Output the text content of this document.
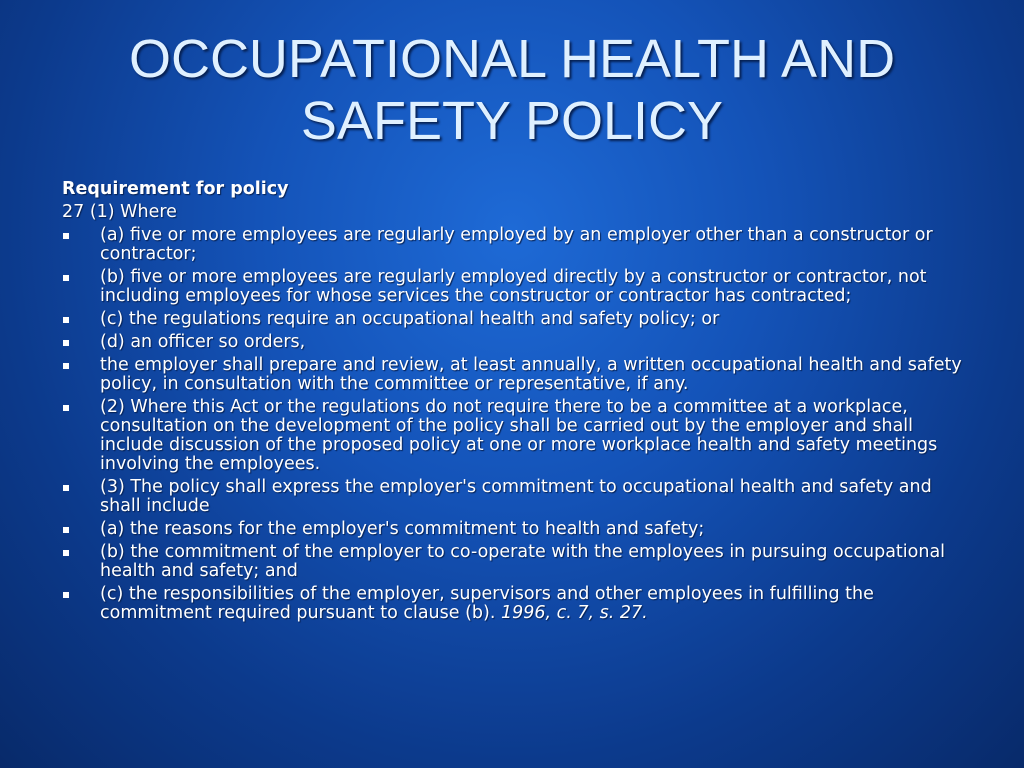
OCCUPATIONAL HEALTH AND
SAFETY POLICY
Requirement for policy
27 (1) Where
(a) five or more employees are regularly employed by an employer other than a constructor or contractor;
(b) five or more employees are regularly employed directly by a constructor or contractor, not including employees for whose services the constructor or contractor has contracted;
(c) the regulations require an occupational health and safety policy; or
(d) an officer so orders,
the employer shall prepare and review, at least annually, a written occupational health and safety policy, in consultation with the committee or representative, if any.
(2) Where this Act or the regulations do not require there to be a committee at a workplace, consultation on the development of the policy shall be carried out by the employer and shall include discussion of the proposed policy at one or more workplace health and safety meetings involving the employees.
(3) The policy shall express the employer's commitment to occupational health and safety and shall include
(a) the reasons for the employer's commitment to health and safety;
(b) the commitment of the employer to co-operate with the employees in pursuing occupational health and safety; and
(c) the responsibilities of the employer, supervisors and other employees in fulfilling the commitment required pursuant to clause (b). 1996, c. 7, s. 27.
